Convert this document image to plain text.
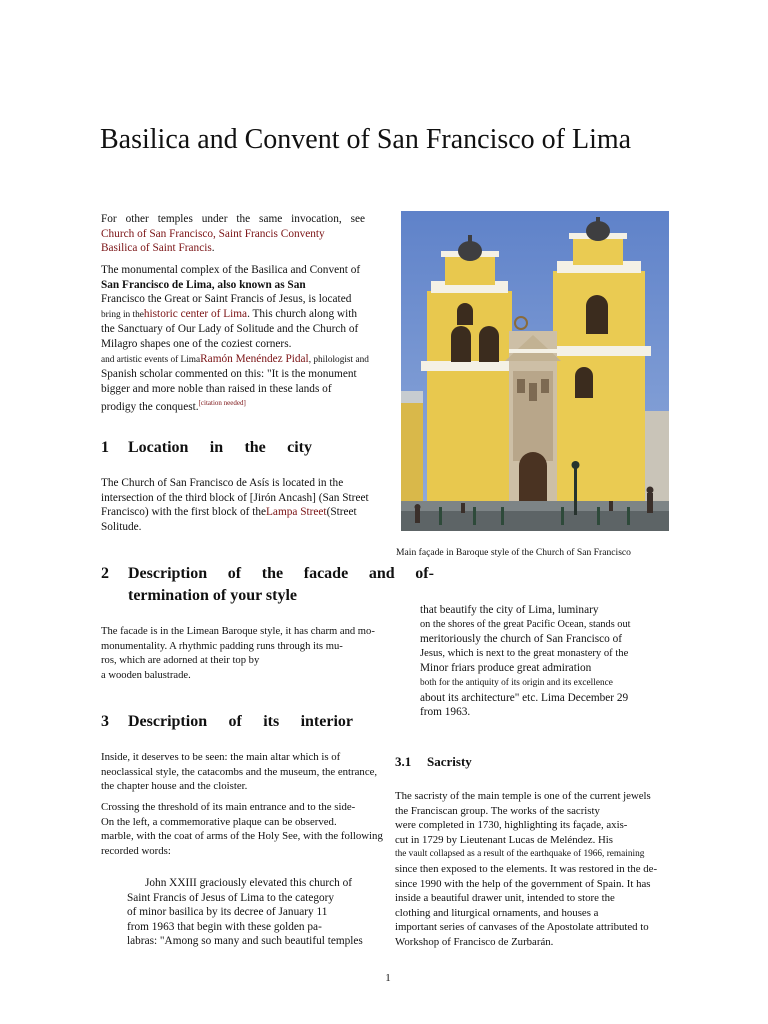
Basilica and Convent of San Francisco of Lima
For other temples under the same invocation, see
Church of San Francisco, Saint Francis Conventy
Basilica of Saint Francis.
The monumental complex of the Basilica and Convent of
San Francisco de Lima, also known as San
Francisco the Great or Saint Francis of Jesus, is located
bring in thehistoric center of Lima. This church along with
the Sanctuary of Our Lady of Solitude and the Church of
Milagro shapes one of the coziest corners.
and artistic events of LimaRamón Menéndez Pidal, philologist and
Spanish scholar commented on this: "It is the monument
bigger and more noble than raised in these lands of
prodigy the conquest.[citation needed]
1	Location in the city
The Church of San Francisco de Asís is located in the
intersection of the third block of [Jirón Ancash] (San Street
Francisco) with the first block of theLampa Street(Street
Solitude.
2	Description of the facade and of-
termination of your style
The facade is in the Limean Baroque style, it has charm and mo-
monumentality. A rhythmic padding runs through its mu-
ros, which are adorned at their top by
a wooden balustrade.
3	Description of its interior
Inside, it deserves to be seen: the main altar which is of
neoclassical style, the catacombs and the museum, the entrance,
the chapter house and the cloister.
Crossing the threshold of its main entrance and to the side-
On the left, a commemorative plaque can be observed.
marble, with the coat of arms of the Holy See, with the following
recorded words:
John XXIII graciously elevated this church of
Saint Francis of Jesus of Lima to the category
of minor basilica by its decree of January 11
from 1963 that begin with these golden pa-
labras: "Among so many and such beautiful temples
Main façade in Baroque style of the Church of San Francisco
that beautify the city of Lima, luminary
on the shores of the great Pacific Ocean, stands out
meritoriously the church of San Francisco of
Jesus, which is next to the great monastery of the
Minor friars produce great admiration
both for the antiquity of its origin and its excellence
about its architecture" etc. Lima December 29
from 1963.
3.1 Sacristy
The sacristy of the main temple is one of the current jewels
the Franciscan group. The works of the sacristy
were completed in 1730, highlighting its façade, axis-
cut in 1729 by Lieutenant Lucas de Meléndez. His
the vault collapsed as a result of the earthquake of 1966, remaining
since then exposed to the elements. It was restored in the de-
since 1990 with the help of the government of Spain. It has
inside a beautiful drawer unit, intended to store the
clothing and liturgical ornaments, and houses a
important series of canvases of the Apostolate attributed to
Workshop of Francisco de Zurbarán.
1
